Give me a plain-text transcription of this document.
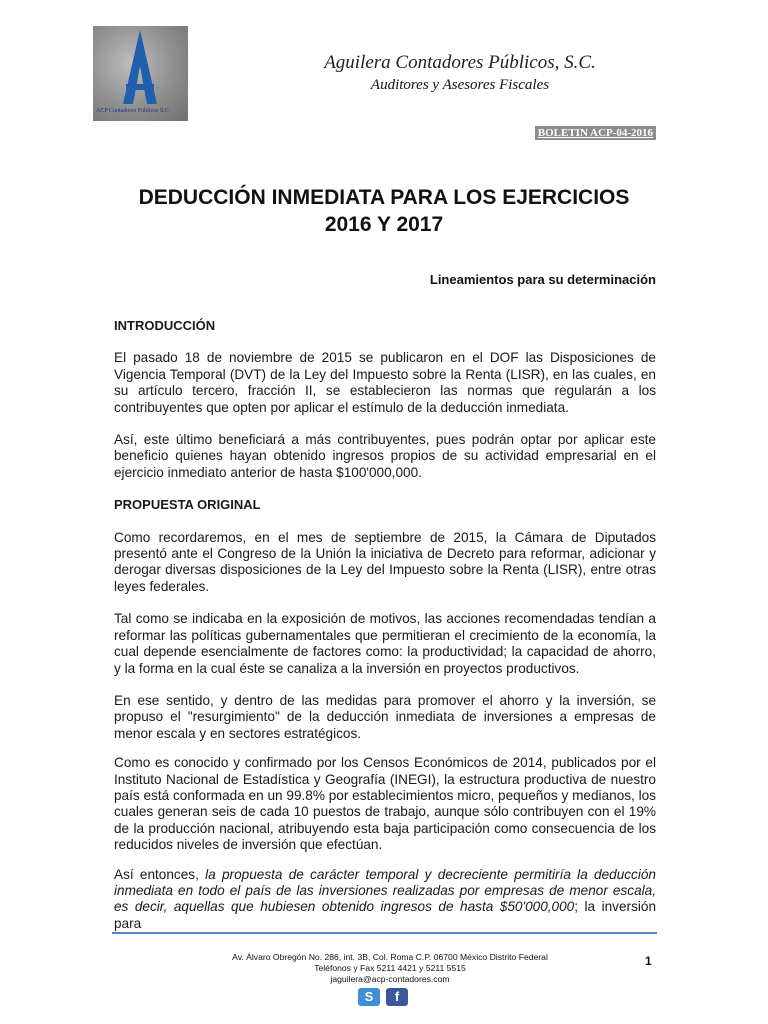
ACP Contadores Públicos S.C
Aguilera Contadores Públicos, S.C.
Auditores y Asesores Fiscales
BOLETIN ACP-04-2016
DEDUCCIÓN INMEDIATA PARA LOS EJERCICIOS
2016 Y 2017
Lineamientos para su determinación
INTRODUCCIÓN

El pasado 18 de noviembre de 2015 se publicaron en el DOF las Disposiciones de Vigencia Temporal (DVT) de la Ley del Impuesto sobre la Renta (LISR), en las cuales, en su artículo tercero, fracción II, se establecieron las normas que regularán a los contribuyentes que opten por aplicar el estímulo de la deducción inmediata.

Así, este último beneficiará a más contribuyentes, pues podrán optar por aplicar este beneficio quienes hayan obtenido ingresos propios de su actividad empresarial en el ejercicio inmediato anterior de hasta $100'000,000.

PROPUESTA ORIGINAL

Como recordaremos, en el mes de septiembre de 2015, la Cámara de Diputados presentó ante el Congreso de la Unión la iniciativa de Decreto para reformar, adicionar y derogar diversas disposiciones de la Ley del Impuesto sobre la Renta (LISR), entre otras leyes federales.

Tal como se indicaba en la exposición de motivos, las acciones recomendadas tendían a reformar las políticas gubernamentales que permitieran el crecimiento de la economía, la cual depende esencialmente de factores como: la productividad; la capacidad de ahorro, y la forma en la cual éste se canaliza a la inversión en proyectos productivos.

En ese sentido, y dentro de las medidas para promover el ahorro y la inversión, se propuso el "resurgimiento" de la deducción inmediata de inversiones a empresas de menor escala y en sectores estratégicos.

Como es conocido y confirmado por los Censos Económicos de 2014, publicados por el Instituto Nacional de Estadística y Geografía (INEGI), la estructura productiva de nuestro país está conformada en un 99.8% por establecimientos micro, pequeños y medianos, los cuales generan seis de cada 10 puestos de trabajo, aunque sólo contribuyen con el 19% de la producción nacional, atribuyendo esta baja participación como consecuencia de los reducidos niveles de inversión que efectúan.

Así entonces, la propuesta de carácter temporal y decreciente permitiría la deducción inmediata en todo el país de las inversiones realizadas por empresas de menor escala, es decir, aquellas que hubiesen obtenido ingresos de hasta $50'000,000; la inversión para

Av. Álvaro Obregón No. 286, int. 3B, Col. Roma C.P. 06700 México Distrito Federal
Teléfonos y Fax 5211 4421 y 5211 5515
jaguilera@acp-contadores.com
1
S	f
